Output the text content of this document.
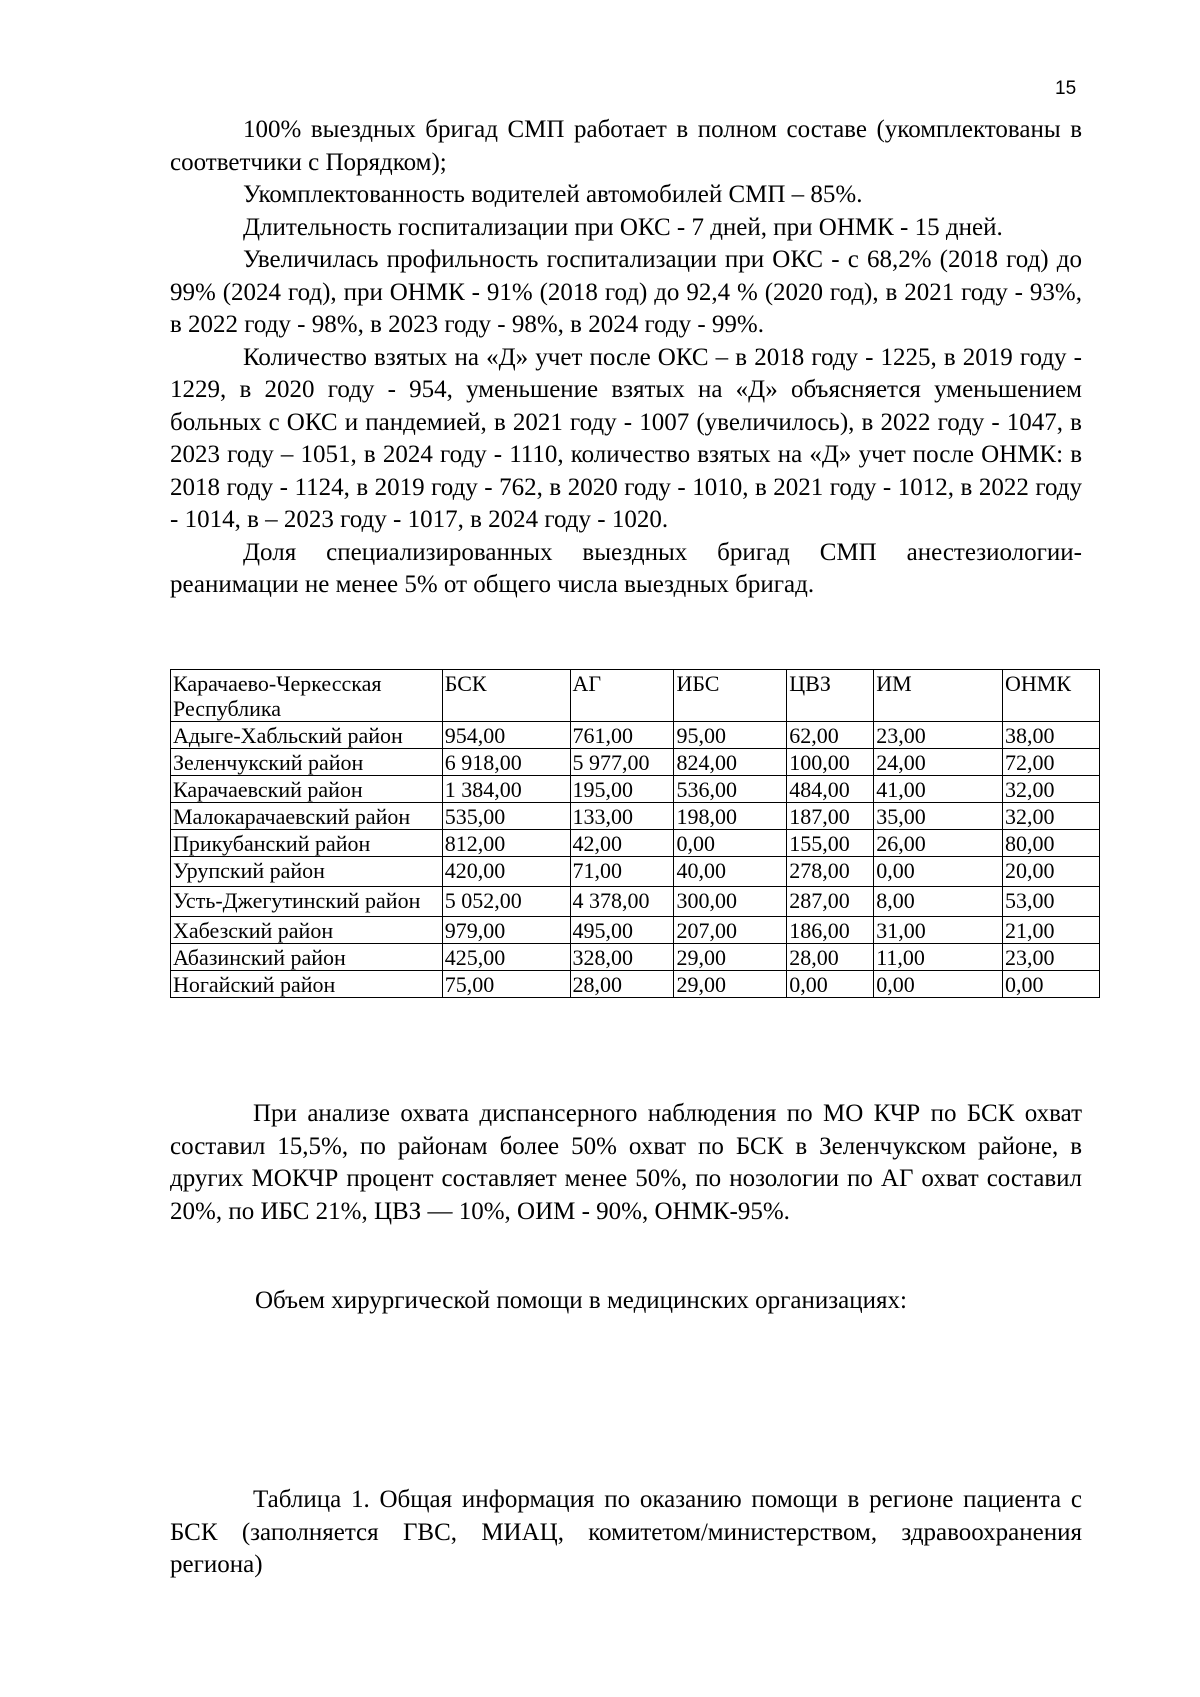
15

100% выездных бригад СМП работает в полном составе (укомплектованы в соответчики с Порядком);

Укомплектованность водителей автомобилей СМП – 85%.

Длительность госпитализации при ОКС - 7 дней, при ОНМК - 15 дней.

Увеличилась профильность госпитализации при ОКС - с 68,2% (2018 год) до 99% (2024 год), при ОНМК - 91% (2018 год) до 92,4 % (2020 год), в 2021 году - 93%, в 2022 году - 98%, в 2023 году - 98%, в 2024 году - 99%.

Количество взятых на «Д» учет после ОКС – в 2018 году - 1225, в 2019 году - 1229, в 2020 году - 954, уменьшение взятых на «Д» объясняется уменьшением больных с ОКС и пандемией, в 2021 году - 1007 (увеличилось), в 2022 году - 1047, в 2023 году – 1051, в 2024 году - 1110, количество взятых на «Д» учет после ОНМК: в 2018 году - 1124, в 2019 году - 762, в 2020 году - 1010, в 2021 году - 1012, в 2022 году - 1014, в – 2023 году - 1017, в 2024 году - 1020.

Доля специализированных выездных бригад СМП анестезиологии-реанимации не менее 5% от общего числа выездных бригад.

Карачаево-Черкесская Республика	БСК	АГ	ИБС	ЦВЗ	ИМ	ОНМК
Адыге-Хабльский район	954,00	761,00	95,00	62,00	23,00	38,00
Зеленчукский район	6 918,00	5 977,00	824,00	100,00	24,00	72,00
Карачаевский район	1 384,00	195,00	536,00	484,00	41,00	32,00
Малокарачаевский район	535,00	133,00	198,00	187,00	35,00	32,00
Прикубанский район	812,00	42,00	0,00	155,00	26,00	80,00
Урупский район	420,00	71,00	40,00	278,00	0,00	20,00
Усть-Джегутинский район	5 052,00	4 378,00	300,00	287,00	8,00	53,00
Хабезский район	979,00	495,00	207,00	186,00	31,00	21,00
Абазинский район	425,00	328,00	29,00	28,00	11,00	23,00
Ногайский район	75,00	28,00	29,00	0,00	0,00	0,00

При анализе охвата диспансерного наблюдения по МО КЧР по БСК охват составил 15,5%, по районам более 50% охват по БСК в Зеленчукском районе, в других МОКЧР процент составляет менее 50%, по нозологии по АГ охват составил 20%, по ИБС 21%, ЦВЗ — 10%, ОИМ - 90%, ОНМК-95%.

Объем хирургической помощи в медицинских организациях:

Таблица 1. Общая информация по оказанию помощи в регионе пациента с БСК (заполняется ГВС, МИАЦ, комитетом/министерством, здравоохранения региона)
